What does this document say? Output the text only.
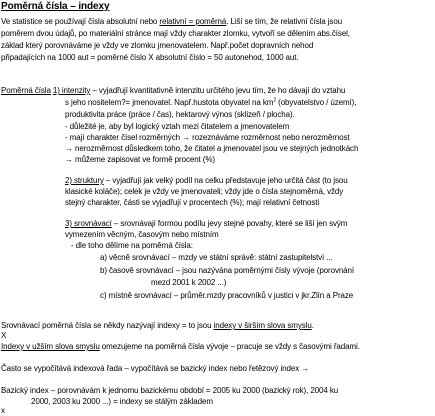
Poměrná čísla – indexy
Ve statistice se používají čísla absolutní nebo relativní = poměrná. Liší se tím, že relativní čísla jsou
poměrem dvou údajů, po materiální stránce mají vždy charakter zlomku, vytvoří se dělením abs.čísel,
základ který porovnáváme je vždy ve zlomku jmenovatelem. Např.počet dopravních nehod
připadajících na 1000 aut = poměrné číslo X absolutní číslo = 50 autonehod, 1000 aut.
Poměrná čísla 1) intenzity – vyjadřují kvantitativně intenzitu určitého jevu tím, že ho dávají do vztahu
s jeho nositelem?= jmenovatel. Např.hustota obyvatel na $km^2$ (obyvatelstvo / území),
produktivita práce (práce / čas), hektarový výnos (sklizeň / plocha).
- důležité je, aby byl logický vztah mezi čitatelem a jmenovatelem
- mají charakter čísel rozměrných → rozeznáváme rozměrnost nebo nerozměrnost
→ nerozměrnost důsledkem toho, že čitatel a jmenovatel jsou ve stejných jednotkách
→ můžeme zapisovat ve formě procent (%)
2) struktury – vyjadřují jak velký podíl na celku představuje jeho určitá část (to jsou
klasické koláče); celek je vždy ve jmenovateli; vždy jde o čísla stejnoměrná, vždy
stejný charakter, části se vyjadřují v procentech (%); mají relativní četnosti
3) srovnávací – srovnávají formou podílu jevy stejné povahy, které se liší jen svým
vymezením věcným, časovým nebo místním
- dle toho dělíme na poměrná čísla:
a) věcně srovnávací – mzdy ve státní správě: státní zastupitelství ...
b) časově srovnávací – jsou nazývána poměrnými čísly vývoje (porovnání
mezd 2001 k 2002 ...)
c) místně srovnávací – průměr.mzdy pracovníků v justici v jkr.Zlín a Praze
Srovnávací poměrná čísla se někdy nazývají indexy = to jsou indexy v širším slova smyslu.
X
Indexy v užším slova smyslu omezujeme na poměrná čísla vývoje – pracuje se vždy s časovými řadami.
Často se vypočítává indexová řada – vypočítává se bazický index nebo řetězový index →
Bazický index – porovnávám k jednomu bazickému období = 2005 ku 2000 (bazický rok), 2004 ku
2000, 2003 ku 2000 ...) = indexy se stálým základem
x
